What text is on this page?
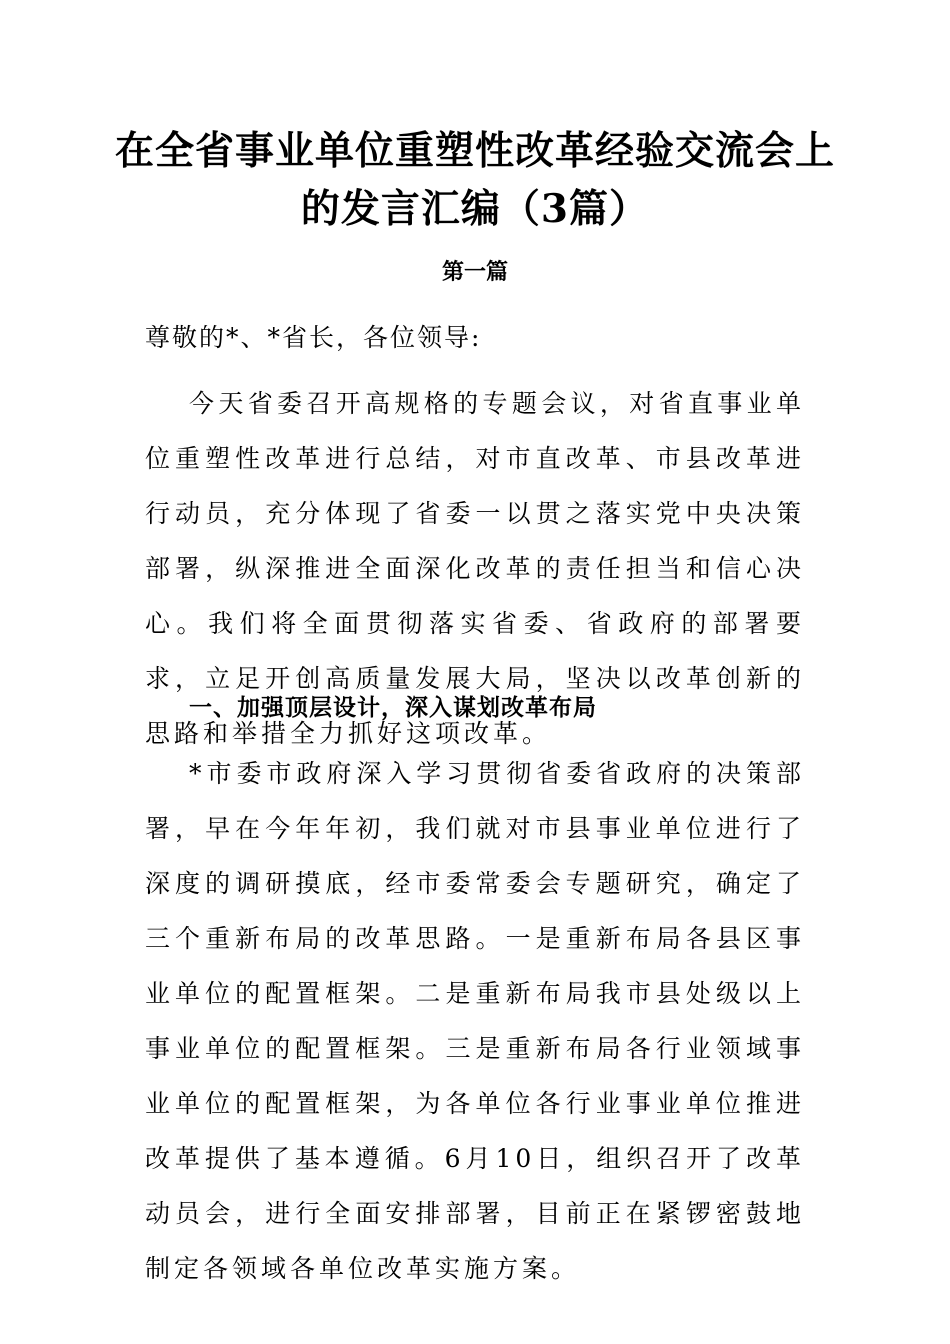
在全省事业单位重塑性改革经验交流会上
的发言汇编（3篇）
第一篇
尊敬的*、*省长，各位领导:
今天省委召开高规格的专题会议，对省直事业单位重塑性改革进行总结，对市直改革、市县改革进行动员，充分体现了省委一以贯之落实党中央决策部署，纵深推进全面深化改革的责任担当和信心决心。我们将全面贯彻落实省委、省政府的部署要求，立足开创高质量发展大局，坚决以改革创新的思路和举措全力抓好这项改革。
一、加强顶层设计，深入谋划改革布局
*市委市政府深入学习贯彻省委省政府的决策部署，早在今年年初，我们就对市县事业单位进行了深度的调研摸底，经市委常委会专题研究，确定了三个重新布局的改革思路。一是重新布局各县区事业单位的配置框架。二是重新布局我市县处级以上事业单位的配置框架。三是重新布局各行业领域事业单位的配置框架，为各单位各行业事业单位推进改革提供了基本遵循。6月10日，组织召开了改革动员会，进行全面安排部署，目前正在紧锣密鼓地制定各领域各单位改革实施方案。
